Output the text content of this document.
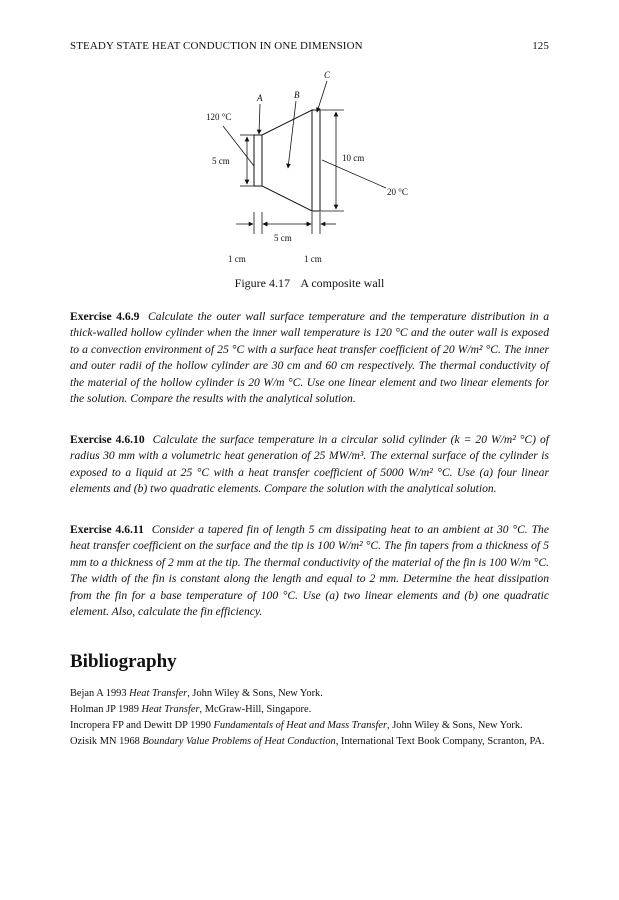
STEADY STATE HEAT CONDUCTION IN ONE DIMENSION	125
5 cm	10 cm
120 °C
20 °C
A	B
C
5 cm
1 cm	1 cm
Figure 4.17 A composite wall
Exercise 4.6.9 Calculate the outer wall surface temperature and the temperature distribution in a thick-walled hollow cylinder when the inner wall temperature is 120 °C and the outer wall is exposed to a convection environment of 25 °C with a surface heat transfer coefficient of 20 W/m² °C. The inner and outer radii of the hollow cylinder are 30 cm and 60 cm respectively. The thermal conductivity of the material of the hollow cylinder is 20 W/m °C. Use one linear element and two linear elements for the solution. Compare the results with the analytical solution.
Exercise 4.6.10 Calculate the surface temperature in a circular solid cylinder (k = 20 W/m² °C) of radius 30 mm with a volumetric heat generation of 25 MW/m³. The external surface of the cylinder is exposed to a liquid at 25 °C with a heat transfer coefficient of 5000 W/m² °C. Use (a) four linear elements and (b) two quadratic elements. Compare the solution with the analytical solution.
Exercise 4.6.11 Consider a tapered fin of length 5 cm dissipating heat to an ambient at 30 °C. The heat transfer coefficient on the surface and the tip is 100 W/m² °C. The fin tapers from a thickness of 5 mm to a thickness of 2 mm at the tip. The thermal conductivity of the material of the fin is 100 W/m °C. The width of the fin is constant along the length and equal to 2 mm. Determine the heat dissipation from the fin for a base temperature of 100 °C. Use (a) two linear elements and (b) one quadratic element. Also, calculate the fin efficiency.
Bibliography
Bejan A 1993 Heat Transfer, John Wiley & Sons, New York.
Holman JP 1989 Heat Transfer, McGraw-Hill, Singapore.
Incropera FP and Dewitt DP 1990 Fundamentals of Heat and Mass Transfer, John Wiley & Sons, New York.
Ozisik MN 1968 Boundary Value Problems of Heat Conduction, International Text Book Company, Scranton, PA.
